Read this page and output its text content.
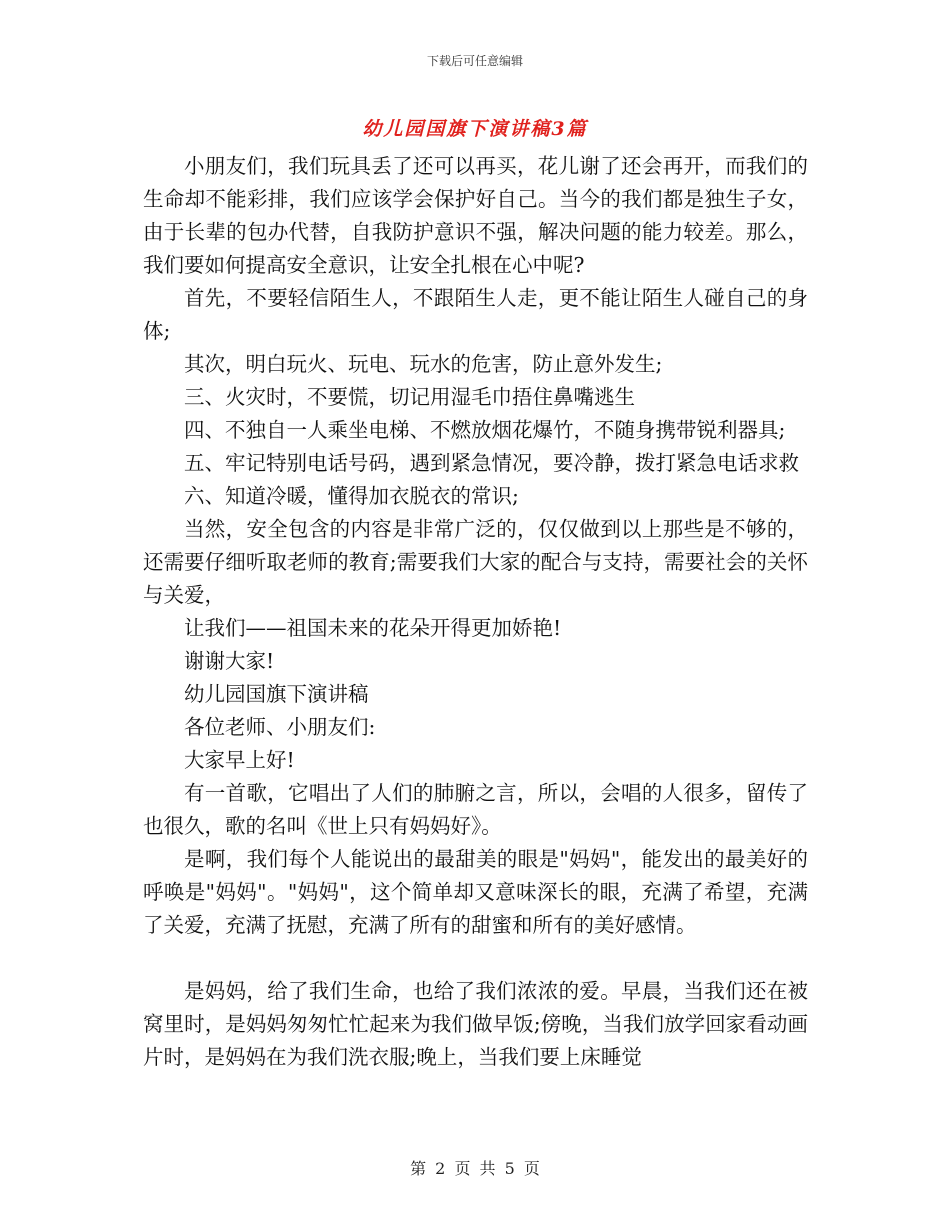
下载后可任意编辑
幼儿园国旗下演讲稿3篇

小朋友们，我们玩具丢了还可以再买，花儿谢了还会再开，而我们的生命却不能彩排，我们应该学会保护好自己。当今的我们都是独生子女，由于长辈的包办代替，自我防护意识不强，解决问题的能力较差。那么，我们要如何提高安全意识，让安全扎根在心中呢?

首先，不要轻信陌生人，不跟陌生人走，更不能让陌生人碰自己的身体;

其次，明白玩火、玩电、玩水的危害，防止意外发生;

三、火灾时，不要慌，切记用湿毛巾捂住鼻嘴逃生

四、不独自一人乘坐电梯、不燃放烟花爆竹，不随身携带锐利器具;

五、牢记特别电话号码，遇到紧急情况，要冷静，拨打紧急电话求救

六、知道冷暖，懂得加衣脱衣的常识;

当然，安全包含的内容是非常广泛的，仅仅做到以上那些是不够的，还需要仔细听取老师的教育;需要我们大家的配合与支持，需要社会的关怀与关爱，

让我们——祖国未来的花朵开得更加娇艳!

谢谢大家!

幼儿园国旗下演讲稿

各位老师、小朋友们:

大家早上好!

有一首歌，它唱出了人们的肺腑之言，所以，会唱的人很多，留传了也很久，歌的名叫《世上只有妈妈好》。

是啊，我们每个人能说出的最甜美的眼是"妈妈"，能发出的最美好的呼唤是"妈妈"。"妈妈"，这个简单却又意味深长的眼，充满了希望，充满了关爱，充满了抚慰，充满了所有的甜蜜和所有的美好感情。

是妈妈，给了我们生命，也给了我们浓浓的爱。早晨，当我们还在被窝里时，是妈妈匆匆忙忙起来为我们做早饭;傍晚，当我们放学回家看动画片时，是妈妈在为我们洗衣服;晚上，当我们要上床睡觉

第 2 页 共 5 页
